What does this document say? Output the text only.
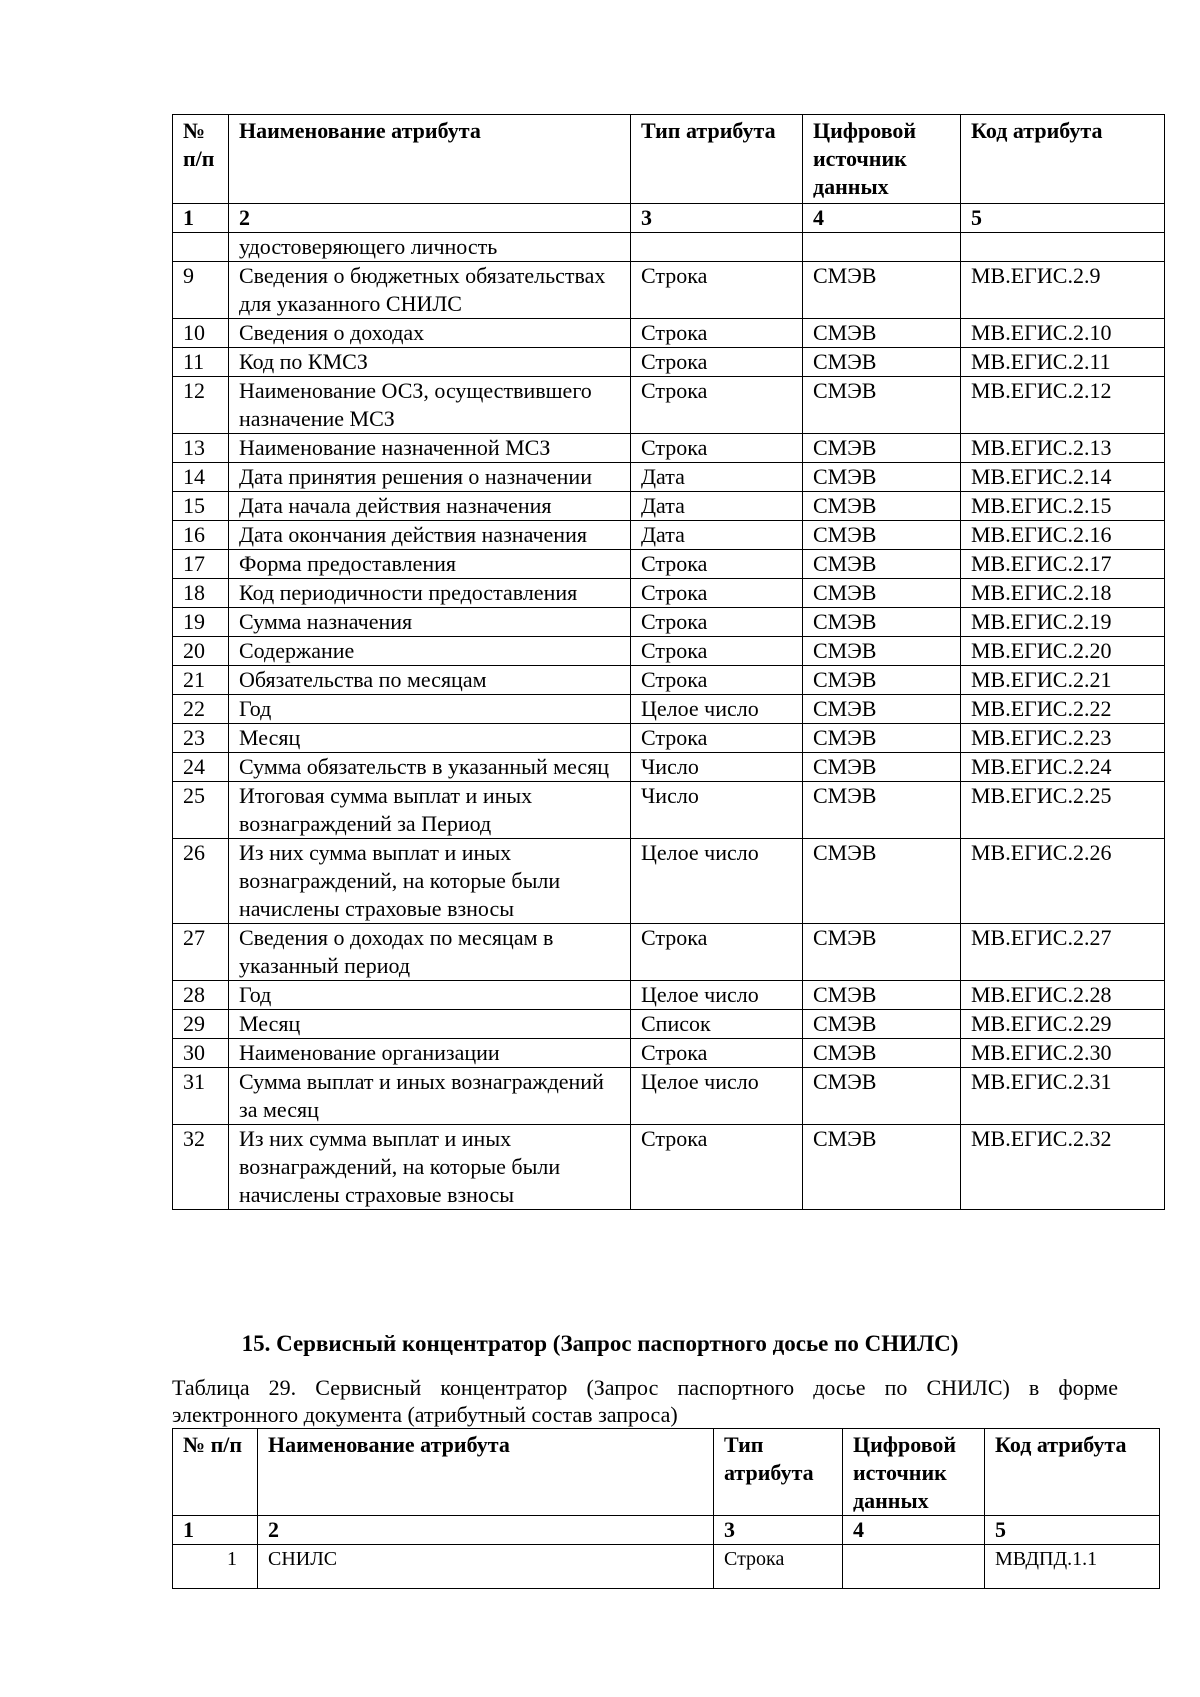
№ п/п	Наименование атрибута	Тип атрибута	Цифровой источник данных	Код атрибута
1	2	3	4	5
	удостоверяющего личность			
9	Сведения о бюджетных обязательствах для указанного СНИЛС	Строка	СМЭВ	МВ.ЕГИС.2.9
10	Сведения о доходах	Строка	СМЭВ	МВ.ЕГИС.2.10
11	Код по КМСЗ	Строка	СМЭВ	МВ.ЕГИС.2.11
12	Наименование ОСЗ, осуществившего назначение МСЗ	Строка	СМЭВ	МВ.ЕГИС.2.12
13	Наименование назначенной МСЗ	Строка	СМЭВ	МВ.ЕГИС.2.13
14	Дата принятия решения о назначении	Дата	СМЭВ	МВ.ЕГИС.2.14
15	Дата начала действия назначения	Дата	СМЭВ	МВ.ЕГИС.2.15
16	Дата окончания действия назначения	Дата	СМЭВ	МВ.ЕГИС.2.16
17	Форма предоставления	Строка	СМЭВ	МВ.ЕГИС.2.17
18	Код периодичности предоставления	Строка	СМЭВ	МВ.ЕГИС.2.18
19	Сумма назначения	Строка	СМЭВ	МВ.ЕГИС.2.19
20	Содержание	Строка	СМЭВ	МВ.ЕГИС.2.20
21	Обязательства по месяцам	Строка	СМЭВ	МВ.ЕГИС.2.21
22	Год	Целое число	СМЭВ	МВ.ЕГИС.2.22
23	Месяц	Строка	СМЭВ	МВ.ЕГИС.2.23
24	Сумма обязательств в указанный месяц	Число	СМЭВ	МВ.ЕГИС.2.24
25	Итоговая сумма выплат и иных вознаграждений за Период	Число	СМЭВ	МВ.ЕГИС.2.25
26	Из них сумма выплат и иных вознаграждений, на которые были начислены страховые взносы	Целое число	СМЭВ	МВ.ЕГИС.2.26
27	Сведения о доходах по месяцам в указанный период	Строка	СМЭВ	МВ.ЕГИС.2.27
28	Год	Целое число	СМЭВ	МВ.ЕГИС.2.28
29	Месяц	Список	СМЭВ	МВ.ЕГИС.2.29
30	Наименование организации	Строка	СМЭВ	МВ.ЕГИС.2.30
31	Сумма выплат и иных вознаграждений за месяц	Целое число	СМЭВ	МВ.ЕГИС.2.31
32	Из них сумма выплат и иных вознаграждений, на которые были начислены страховые взносы	Строка	СМЭВ	МВ.ЕГИС.2.32
15. Сервисный концентратор (Запрос паспортного досье по СНИЛС)
Таблица 29. Сервисный концентратор (Запрос паспортного досье по СНИЛС) в форме
электронного документа (атрибутный состав запроса)
№ п/п	Наименование атрибута	Тип атрибута	Цифровой источник данных	Код атрибута
1	2	3	4	5
1	СНИЛС	Строка		МВДПД.1.1
